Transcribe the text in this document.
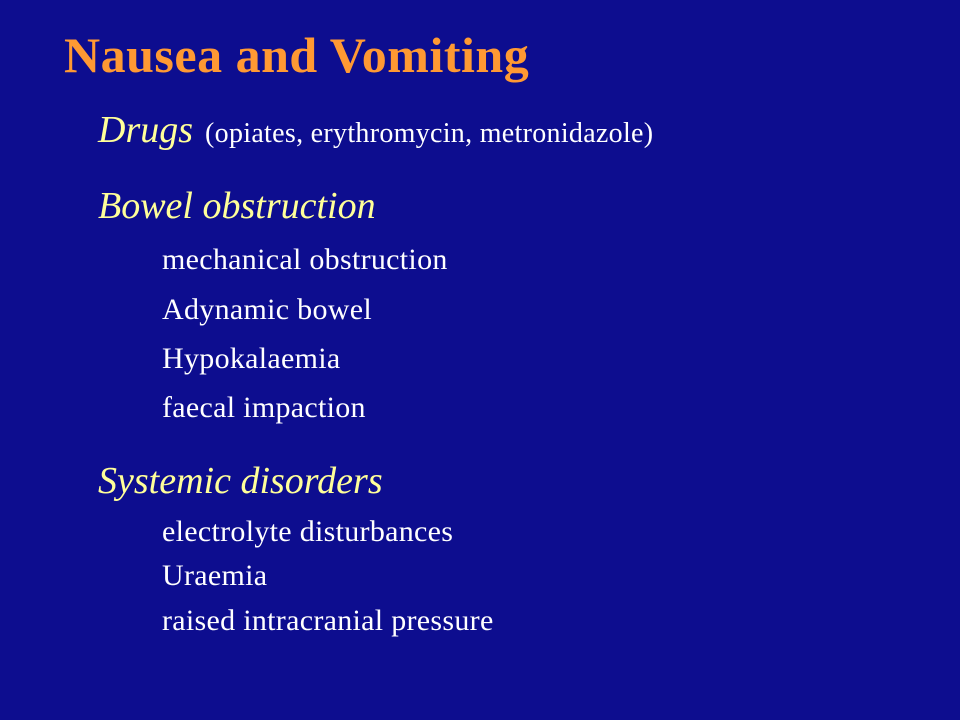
Nausea and Vomiting
Drugs (opiates, erythromycin, metronidazole)
Bowel obstruction
mechanical obstruction
Adynamic bowel
Hypokalaemia
faecal impaction
Systemic disorders
electrolyte disturbances
Uraemia
raised intracranial pressure
